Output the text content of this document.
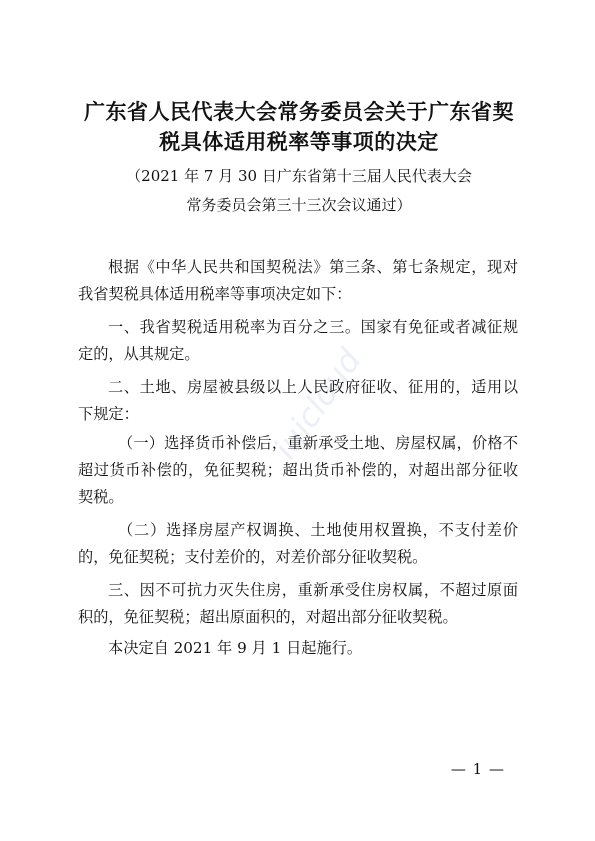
iuicloud
广东省人民代表大会常务委员会关于广东省契
税具体适用税率等事项的决定
（2021 年 7 月 30 日广东省第十三届人民代表大会
常务委员会第三十三次会议通过）

根据《中华人民共和国契税法》第三条、第七条规定，现对我省契税具体适用税率等事项决定如下：

一、我省契税适用税率为百分之三。国家有免征或者减征规定的，从其规定。

二、土地、房屋被县级以上人民政府征收、征用的，适用以下规定：

（一）选择货币补偿后，重新承受土地、房屋权属，价格不超过货币补偿的，免征契税；超出货币补偿的，对超出部分征收契税。

（二）选择房屋产权调换、土地使用权置换，不支付差价的，免征契税；支付差价的，对差价部分征收契税。

三、因不可抗力灭失住房，重新承受住房权属，不超过原面积的，免征契税；超出原面积的，对超出部分征收契税。

本决定自 2021 年 9 月 1 日起施行。

— 1 —
